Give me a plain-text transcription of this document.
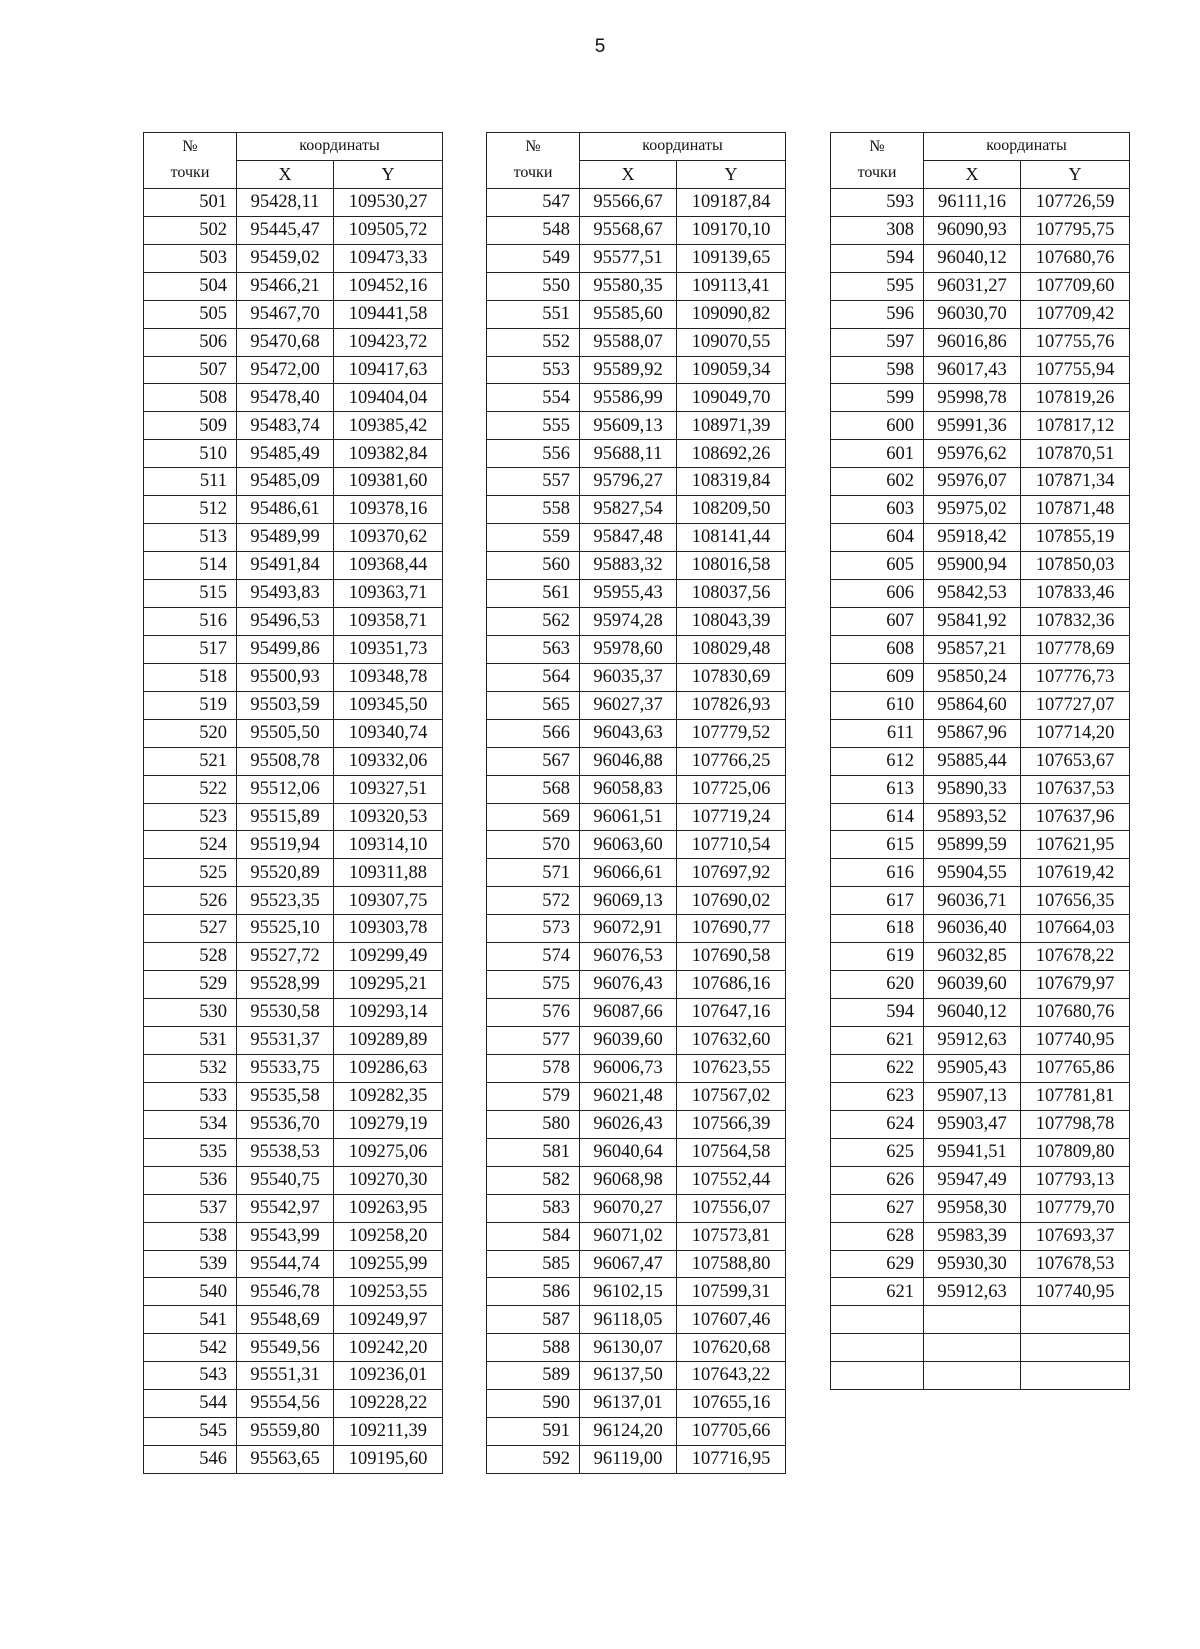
5
№
точки	координаты	
	X	Y
501	95428,11	109530,27
502	95445,47	109505,72
503	95459,02	109473,33
504	95466,21	109452,16
505	95467,70	109441,58
506	95470,68	109423,72
507	95472,00	109417,63
508	95478,40	109404,04
509	95483,74	109385,42
510	95485,49	109382,84
511	95485,09	109381,60
512	95486,61	109378,16
513	95489,99	109370,62
514	95491,84	109368,44
515	95493,83	109363,71
516	95496,53	109358,71
517	95499,86	109351,73
518	95500,93	109348,78
519	95503,59	109345,50
520	95505,50	109340,74
521	95508,78	109332,06
522	95512,06	109327,51
523	95515,89	109320,53
524	95519,94	109314,10
525	95520,89	109311,88
526	95523,35	109307,75
527	95525,10	109303,78
528	95527,72	109299,49
529	95528,99	109295,21
530	95530,58	109293,14
531	95531,37	109289,89
532	95533,75	109286,63
533	95535,58	109282,35
534	95536,70	109279,19
535	95538,53	109275,06
536	95540,75	109270,30
537	95542,97	109263,95
538	95543,99	109258,20
539	95544,74	109255,99
540	95546,78	109253,55
541	95548,69	109249,97
542	95549,56	109242,20
543	95551,31	109236,01
544	95554,56	109228,22
545	95559,80	109211,39
546	95563,65	109195,60
№
точки	координаты	
	X	Y
547	95566,67	109187,84
548	95568,67	109170,10
549	95577,51	109139,65
550	95580,35	109113,41
551	95585,60	109090,82
552	95588,07	109070,55
553	95589,92	109059,34
554	95586,99	109049,70
555	95609,13	108971,39
556	95688,11	108692,26
557	95796,27	108319,84
558	95827,54	108209,50
559	95847,48	108141,44
560	95883,32	108016,58
561	95955,43	108037,56
562	95974,28	108043,39
563	95978,60	108029,48
564	96035,37	107830,69
565	96027,37	107826,93
566	96043,63	107779,52
567	96046,88	107766,25
568	96058,83	107725,06
569	96061,51	107719,24
570	96063,60	107710,54
571	96066,61	107697,92
572	96069,13	107690,02
573	96072,91	107690,77
574	96076,53	107690,58
575	96076,43	107686,16
576	96087,66	107647,16
577	96039,60	107632,60
578	96006,73	107623,55
579	96021,48	107567,02
580	96026,43	107566,39
581	96040,64	107564,58
582	96068,98	107552,44
583	96070,27	107556,07
584	96071,02	107573,81
585	96067,47	107588,80
586	96102,15	107599,31
587	96118,05	107607,46
588	96130,07	107620,68
589	96137,50	107643,22
590	96137,01	107655,16
591	96124,20	107705,66
592	96119,00	107716,95
№
точки	координаты	
	X	Y
593	96111,16	107726,59
308	96090,93	107795,75
594	96040,12	107680,76
595	96031,27	107709,60
596	96030,70	107709,42
597	96016,86	107755,76
598	96017,43	107755,94
599	95998,78	107819,26
600	95991,36	107817,12
601	95976,62	107870,51
602	95976,07	107871,34
603	95975,02	107871,48
604	95918,42	107855,19
605	95900,94	107850,03
606	95842,53	107833,46
607	95841,92	107832,36
608	95857,21	107778,69
609	95850,24	107776,73
610	95864,60	107727,07
611	95867,96	107714,20
612	95885,44	107653,67
613	95890,33	107637,53
614	95893,52	107637,96
615	95899,59	107621,95
616	95904,55	107619,42
617	96036,71	107656,35
618	96036,40	107664,03
619	96032,85	107678,22
620	96039,60	107679,97
594	96040,12	107680,76
621	95912,63	107740,95
622	95905,43	107765,86
623	95907,13	107781,81
624	95903,47	107798,78
625	95941,51	107809,80
626	95947,49	107793,13
627	95958,30	107779,70
628	95983,39	107693,37
629	95930,30	107678,53
621	95912,63	107740,95
